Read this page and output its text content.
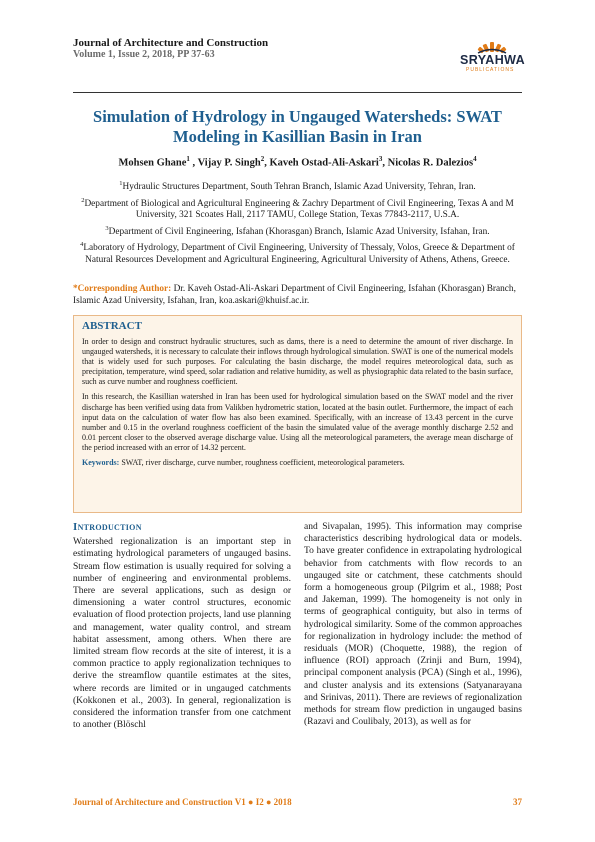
Journal of Architecture and Construction
Volume 1, Issue 2, 2018, PP 37-63	SRYAHWA
PUBLICATIONS
Simulation of Hydrology in Ungauged Watersheds: SWAT Modeling in Kasillian Basin in Iran
Mohsen Ghane$^1$ , Vijay P. Singh$^2$, Kaveh Ostad-Ali-Askari$^3$, Nicolas R. Dalezios$^4$

$^1$Hydraulic Structures Department, South Tehran Branch, Islamic Azad University, Tehran, Iran.

$^2$Department of Biological and Agricultural Engineering & Zachry Department of Civil Engineering, Texas A and M University, 321 Scoates Hall, 2117 TAMU, College Station, Texas 77843-2117, U.S.A.

$^3$Department of Civil Engineering, Isfahan (Khorasgan) Branch, Islamic Azad University, Isfahan, Iran.

$^4$Laboratory of Hydrology, Department of Civil Engineering, University of Thessaly, Volos, Greece & Department of Natural Resources Development and Agricultural Engineering, Agricultural University of Athens, Athens, Greece.

*Corresponding Author: Dr. Kaveh Ostad-Ali-Askari Department of Civil Engineering, Isfahan (Khorasgan) Branch, Islamic Azad University, Isfahan, Iran, koa.askari@khuisf.ac.ir.
ABSTRACT

In order to design and construct hydraulic structures, such as dams, there is a need to determine the amount of river discharge. In ungauged watersheds, it is necessary to calculate their inflows through hydrological simulation. SWAT is one of the numerical models that is widely used for such purposes. For calculating the basin discharge, the model requires meteorological data, such as precipitation, temperature, wind speed, solar radiation and relative humidity, as well as physiographic data related to the basin surface, such as curve number and roughness coefficient.

In this research, the Kasillian watershed in Iran has been used for hydrological simulation based on the SWAT model and the river discharge has been verified using data from Valikben hydrometric station, located at the basin outlet. Furthermore, the impact of each input data on the calculation of water flow has also been examined. Specifically, with an increase of 13.43 percent in the curve number and 0.15 in the overland roughness coefficient of the basin the simulated value of the average monthly discharge 2.52 and 0.01 percent closer to the observed average discharge value. Using all the meteorological parameters, the average mean discharge of the period increased with an error of 14.32 percent.

Keywords: SWAT, river discharge, curve number, roughness coefficient, meteorological parameters.

Introduction

Watershed regionalization is an important step in estimating hydrological parameters of ungauged basins. Stream flow estimation is usually required for solving a number of engineering and environmental problems. There are several applications, such as design or dimensioning a water control structures, economic evaluation of flood protection projects, land use planning and management, water quality control, and stream habitat assessment, among others. When there are limited stream flow records at the site of interest, it is a common practice to apply regionalization techniques to derive the streamflow quantile estimates at the sites, where records are limited or in ungauged catchments (Kokkonen et al., 2003). In general, regionalization is considered the information transfer from one catchment to another (Blöschl

and Sivapalan, 1995). This information may comprise characteristics describing hydrological data or models. To have greater confidence in extrapolating hydrological behavior from catchments with flow records to an ungauged site or catchment, these catchments should form a homogeneous group (Pilgrim et al., 1988; Post and Jakeman, 1999). The homogeneity is not only in terms of geographical contiguity, but also in terms of hydrological similarity. Some of the common approaches for regionalization in hydrology include: the method of residuals (MOR) (Choquette, 1988), the region of influence (ROI) approach (Zrinji and Burn, 1994), principal component analysis (PCA) (Singh et al., 1996), and cluster analysis and its extensions (Satyanarayana and Srinivas, 2011). There are reviews of regionalization methods for stream flow prediction in ungauged basins (Razavi and Coulibaly, 2013), as well as for

Journal of Architecture and Construction V1 ● I2 ● 2018	37
